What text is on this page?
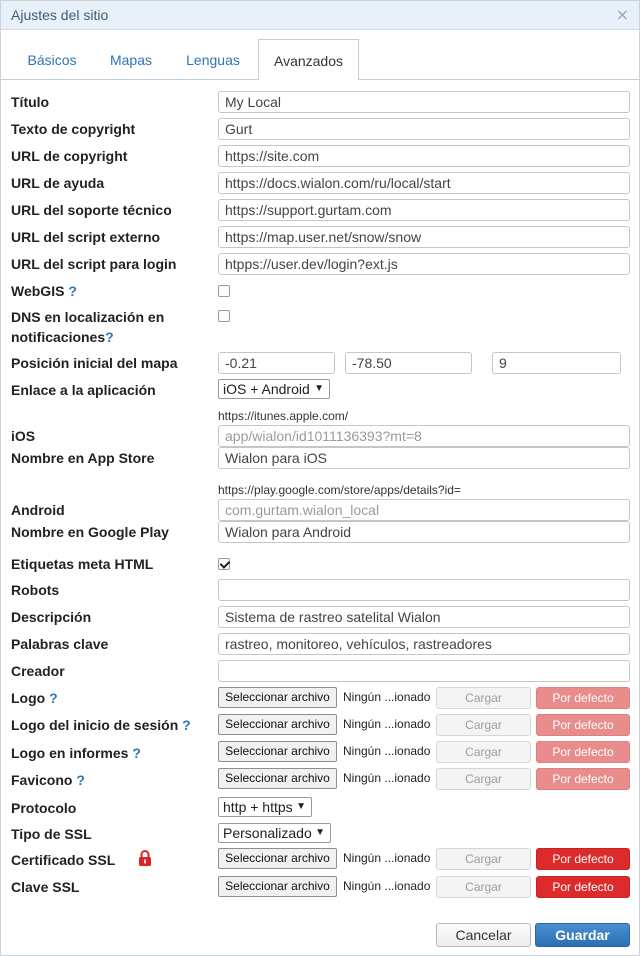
Ajustes del sitio	×
Básicos	Mapas	Lenguas	Avanzados
Título	My Local
Texto de copyright	Gurt
URL de copyright	https://site.com
URL de ayuda	https://docs.wialon.com/ru/local/start
URL del soporte técnico	https://support.gurtam.com
URL del script externo	https://map.user.net/snow/snow
URL del script para login	htpps://user.dev/login?ext.js
WebGIS ?
DNS en localización en
notificaciones?
Posición inicial del mapa	-0.21	-78.50	9
Enlace a la aplicación	iOS + Android ▼
https://itunes.apple.com/
iOS	app/wialon/id1011136393?mt=8
Nombre en App Store	Wialon para iOS
https://play.google.com/store/apps/details?id=
Android	com.gurtam.wialon_local
Nombre en Google Play	Wialon para Android
Etiquetas meta HTML
Robots
Descripción	Sistema de rastreo satelital Wialon
Palabras clave	rastreo, monitoreo, vehículos, rastreadores
Creador
Logo ?	Seleccionar archivo	Ningún ...ionado	Cargar	Por defecto
Logo del inicio de sesión ?	Seleccionar archivo	Ningún ...ionado	Cargar	Por defecto
Logo en informes ?	Seleccionar archivo	Ningún ...ionado	Cargar	Por defecto
Favicono ?	Seleccionar archivo	Ningún ...ionado	Cargar	Por defecto
Protocolo	http + https ▼
Tipo de SSL	Personalizado ▼
Certificado SSL	Seleccionar archivo	Ningún ...ionado	Cargar	Por defecto
Clave SSL	Seleccionar archivo	Ningún ...ionado	Cargar	Por defecto
Cancelar	Guardar
